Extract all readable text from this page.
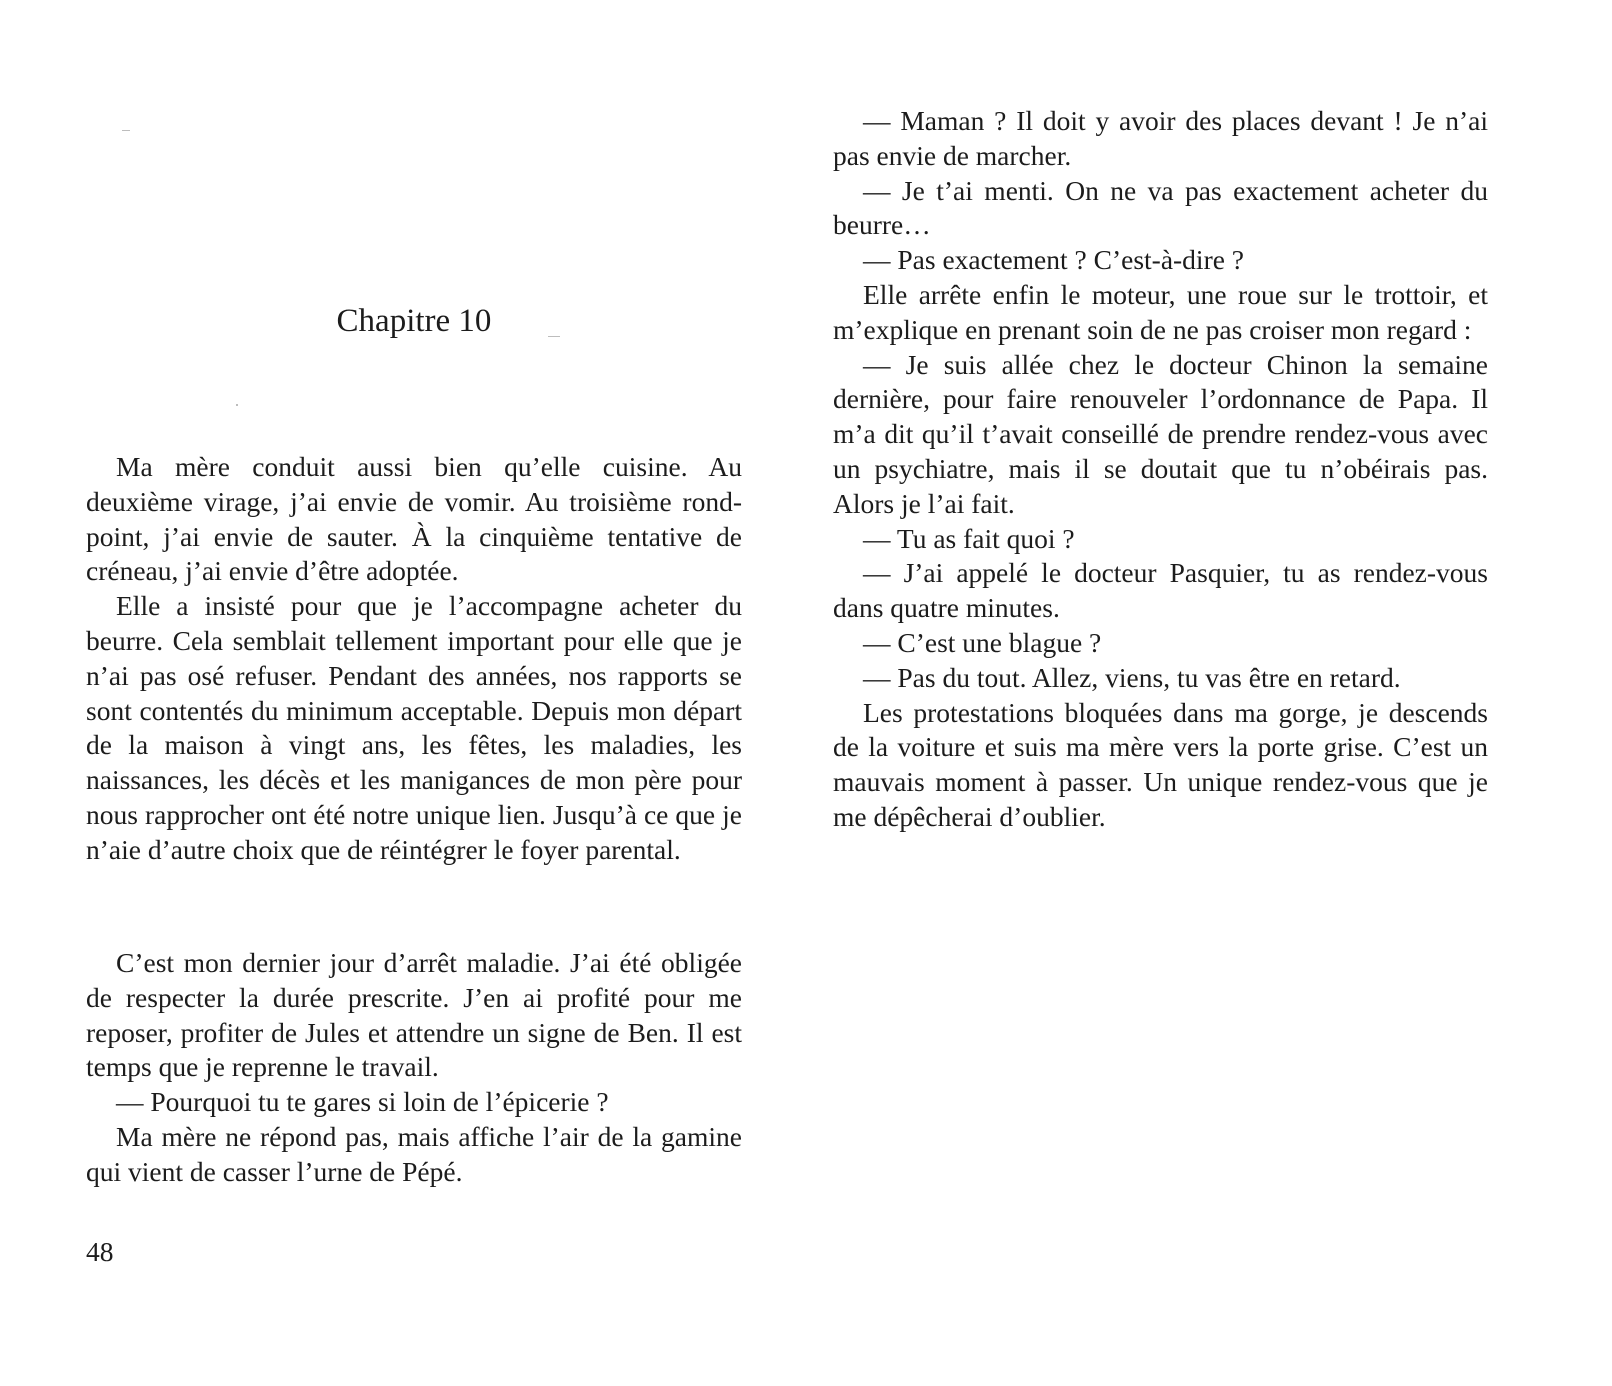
Chapitre 10

Ma mère conduit aussi bien qu’elle cuisine. Au deuxième virage, j’ai envie de vomir. Au troisième rond-point, j’ai envie de sauter. À la cinquième tentative de créneau, j’ai envie d’être adoptée.

Elle a insisté pour que je l’accompagne acheter du beurre. Cela semblait tellement important pour elle que je n’ai pas osé refuser. Pendant des années, nos rapports se sont contentés du minimum acceptable. Depuis mon départ de la maison à vingt ans, les fêtes, les maladies, les naissances, les décès et les manigances de mon père pour nous rapprocher ont été notre unique lien. Jusqu’à ce que je n’aie d’autre choix que de réintégrer le foyer parental.

C’est mon dernier jour d’arrêt maladie. J’ai été obligée de respecter la durée prescrite. J’en ai profité pour me reposer, profiter de Jules et attendre un signe de Ben. Il est temps que je reprenne le travail.

— Pourquoi tu te gares si loin de l’épicerie ?

Ma mère ne répond pas, mais affiche l’air de la gamine qui vient de casser l’urne de Pépé.

48

— Maman ? Il doit y avoir des places devant ! Je n’ai pas envie de marcher.

— Je t’ai menti. On ne va pas exactement acheter du beurre…

— Pas exactement ? C’est-à-dire ?

Elle arrête enfin le moteur, une roue sur le trottoir, et m’explique en prenant soin de ne pas croiser mon regard :

— Je suis allée chez le docteur Chinon la semaine dernière, pour faire renouveler l’ordonnance de Papa. Il m’a dit qu’il t’avait conseillé de prendre rendez-vous avec un psychiatre, mais il se doutait que tu n’obéirais pas. Alors je l’ai fait.

— Tu as fait quoi ?

— J’ai appelé le docteur Pasquier, tu as rendez-vous dans quatre minutes.

— C’est une blague ?

— Pas du tout. Allez, viens, tu vas être en retard.

Les protestations bloquées dans ma gorge, je descends de la voiture et suis ma mère vers la porte grise. C’est un mauvais moment à passer. Un unique rendez-vous que je me dépêcherai d’oublier.
